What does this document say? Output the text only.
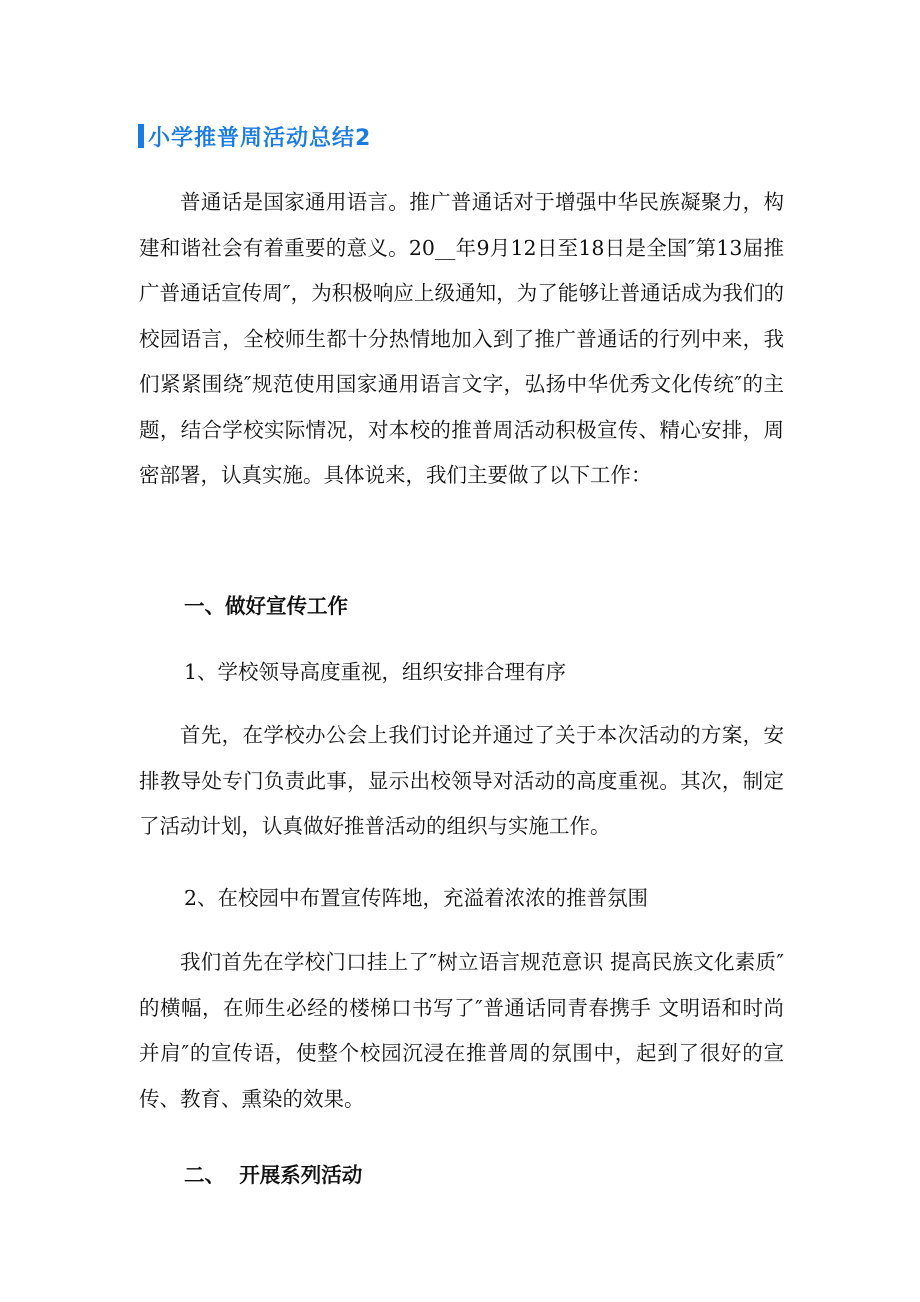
小学推普周活动总结2
普通话是国家通用语言。推广普通话对于增强中华民族凝聚力，构建和谐社会有着重要的意义。20__年9月12日至18日是全国″第13届推广普通话宣传周″，为积极响应上级通知，为了能够让普通话成为我们的校园语言，全校师生都十分热情地加入到了推广普通话的行列中来，我们紧紧围绕″规范使用国家通用语言文字，弘扬中华优秀文化传统″的主题，结合学校实际情况，对本校的推普周活动积极宣传、精心安排，周密部署，认真实施。具体说来，我们主要做了以下工作：
一、做好宣传工作
1、学校领导高度重视，组织安排合理有序
首先，在学校办公会上我们讨论并通过了关于本次活动的方案，安排教导处专门负责此事，显示出校领导对活动的高度重视。其次，制定了活动计划，认真做好推普活动的组织与实施工作。
2、在校园中布置宣传阵地，充溢着浓浓的推普氛围
我们首先在学校门口挂上了″树立语言规范意识 提高民族文化素质″的横幅，在师生必经的楼梯口书写了″普通话同青春携手 文明语和时尚并肩″的宣传语，使整个校园沉浸在推普周的氛围中，起到了很好的宣传、教育、熏染的效果。
二、  开展系列活动
